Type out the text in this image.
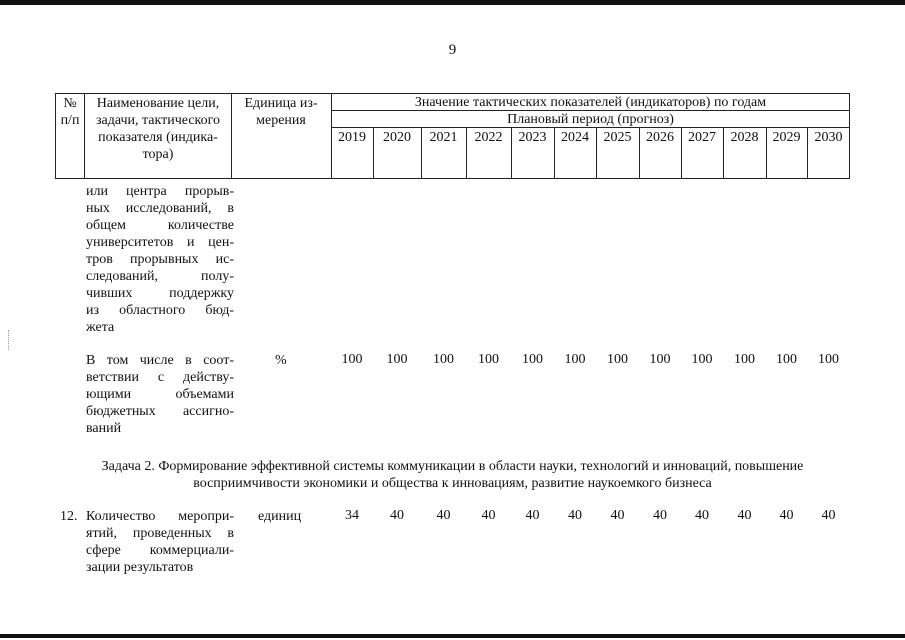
9
№ п/п
Наименование цели, задачи, тактического показателя (индика- тора)
Единица из- мерения
Значение тактических показателей (индикаторов) по годам
Плановый период (прогноз)
2019	2020	2021	2022	2023	2024	2025	2026	2027	2028	2029	2030
или центра прорыв-
ных исследований, в
общем количестве
университетов и цен-
тров прорывных ис-
следований, полу-
чивших поддержку
из областного бюд-
жета
В том числе в соот-
ветствии с действу-
ющими объемами
бюджетных ассигно-
ваний
%	100	100	100	100	100	100	100	100	100	100	100	100
Задача 2. Формирование эффективной системы коммуникации в области науки, технологий и инноваций, повышение
восприимчивости экономики и общества к инновациям, развитие наукоемкого бизнеса
12. Количество меропри-
ятий, проведенных в
сфере коммерциали-
зации результатов
единиц	34	40	40	40	40	40	40	40	40	40	40	40
